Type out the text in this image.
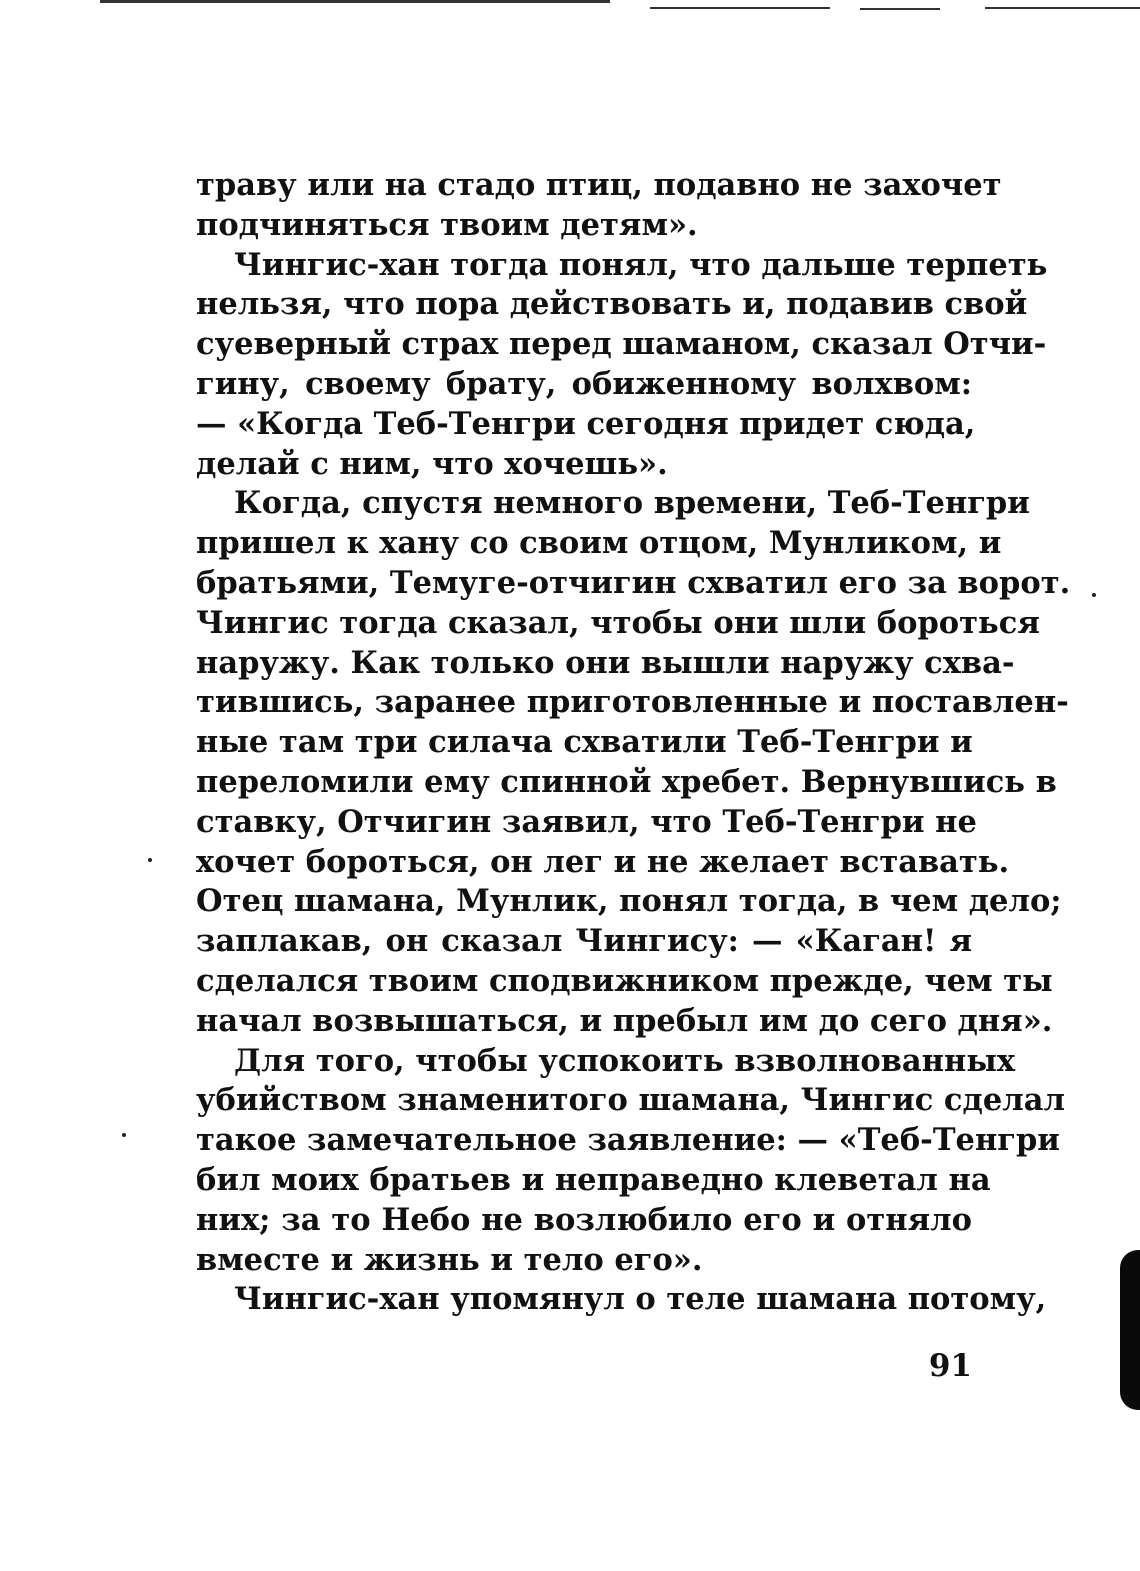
траву или на стадо птиц, подавно не захочет
подчиняться твоим детям».

Чингис-хан тогда понял, что дальше терпеть
нельзя, что пора действовать и, подавив свой
суеверный страх перед шаманом, сказал Отчи-
гину, своему брату, обиженному волхвом:
— «Когда Теб-Тенгри сегодня придет сюда,
делай с ним, что хочешь».

Когда, спустя немного времени, Теб-Тенгри
пришел к хану со своим отцом, Мунликом, и
братьями, Темуге-отчигин схватил его за ворот.
Чингис тогда сказал, чтобы они шли бороться
наружу. Как только они вышли наружу схва-
тившись, заранее приготовленные и поставлен-
ные там три силача схватили Теб-Тенгри и
переломили ему спинной хребет. Вернувшись в
ставку, Отчигин заявил, что Теб-Тенгри не
хочет бороться, он лег и не желает вставать.
Отец шамана, Мунлик, понял тогда, в чем дело;
заплакав, он сказал Чингису: — «Каган! я
сделался твоим сподвижником прежде, чем ты
начал возвышаться, и пребыл им до сего дня».

Для того, чтобы успокоить взволнованных
убийством знаменитого шамана, Чингис сделал
такое замечательное заявление: — «Теб-Тенгри
бил моих братьев и неправедно клеветал на
них; за то Небо не возлюбило его и отняло
вместе и жизнь и тело его».

Чингис-хан упомянул о теле шамана потому,

91
